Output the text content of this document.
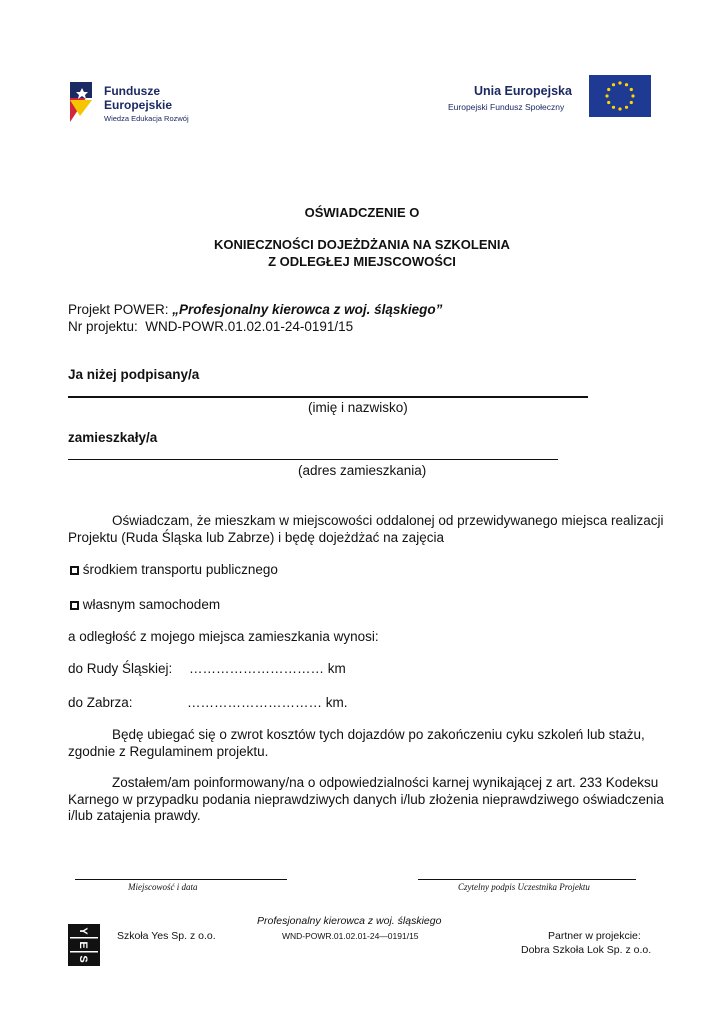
Fundusze
Europejskie
Wiedza Edukacja Rozwój
Unia Europejska
Europejski Fundusz Społeczny
OŚWIADCZENIE O
KONIECZNOŚCI DOJEŻDŻANIA NA SZKOLENIA
Z ODLEGŁEJ MIEJSCOWOŚCI
Projekt POWER: „Profesjonalny kierowca z woj. śląskiego”
Nr projektu: WND-POWR.01.02.01-24-0191/15
Ja niżej podpisany/a
(imię i nazwisko)
zamieszkały/a
(adres zamieszkania)
Oświadczam, że mieszkam w miejscowości oddalonej od przewidywanego miejsca realizacji
Projektu (Ruda Śląska lub Zabrze) i będę dojeżdżać na zajęcia
środkiem transportu publicznego
własnym samochodem
a odległość z mojego miejsca zamieszkania wynosi:
do Rudy Śląskiej: ………………………… km
do Zabrza:	………………………… km.
Będę ubiegać się o zwrot kosztów tych dojazdów po zakończeniu cyku szkoleń lub stażu,
zgodnie z Regulaminem projektu.
Zostałem/am poinformowany/na o odpowiedzialności karnej wynikającej z art. 233 Kodeksu
Karnego w przypadku podania nieprawdziwych danych i/lub złożenia nieprawdziwego oświadczenia
i/lub zatajenia prawdy.
Miejscowość i data	Czytelny podpis Uczestnika Projektu
Profesjonalny kierowca z woj. śląskiego
WND-POWR.01.02.01-24—0191/15
Y
E
S
Szkoła Yes Sp. z o.o.	Partner w projekcie:
Dobra Szkoła Lok Sp. z o.o.
